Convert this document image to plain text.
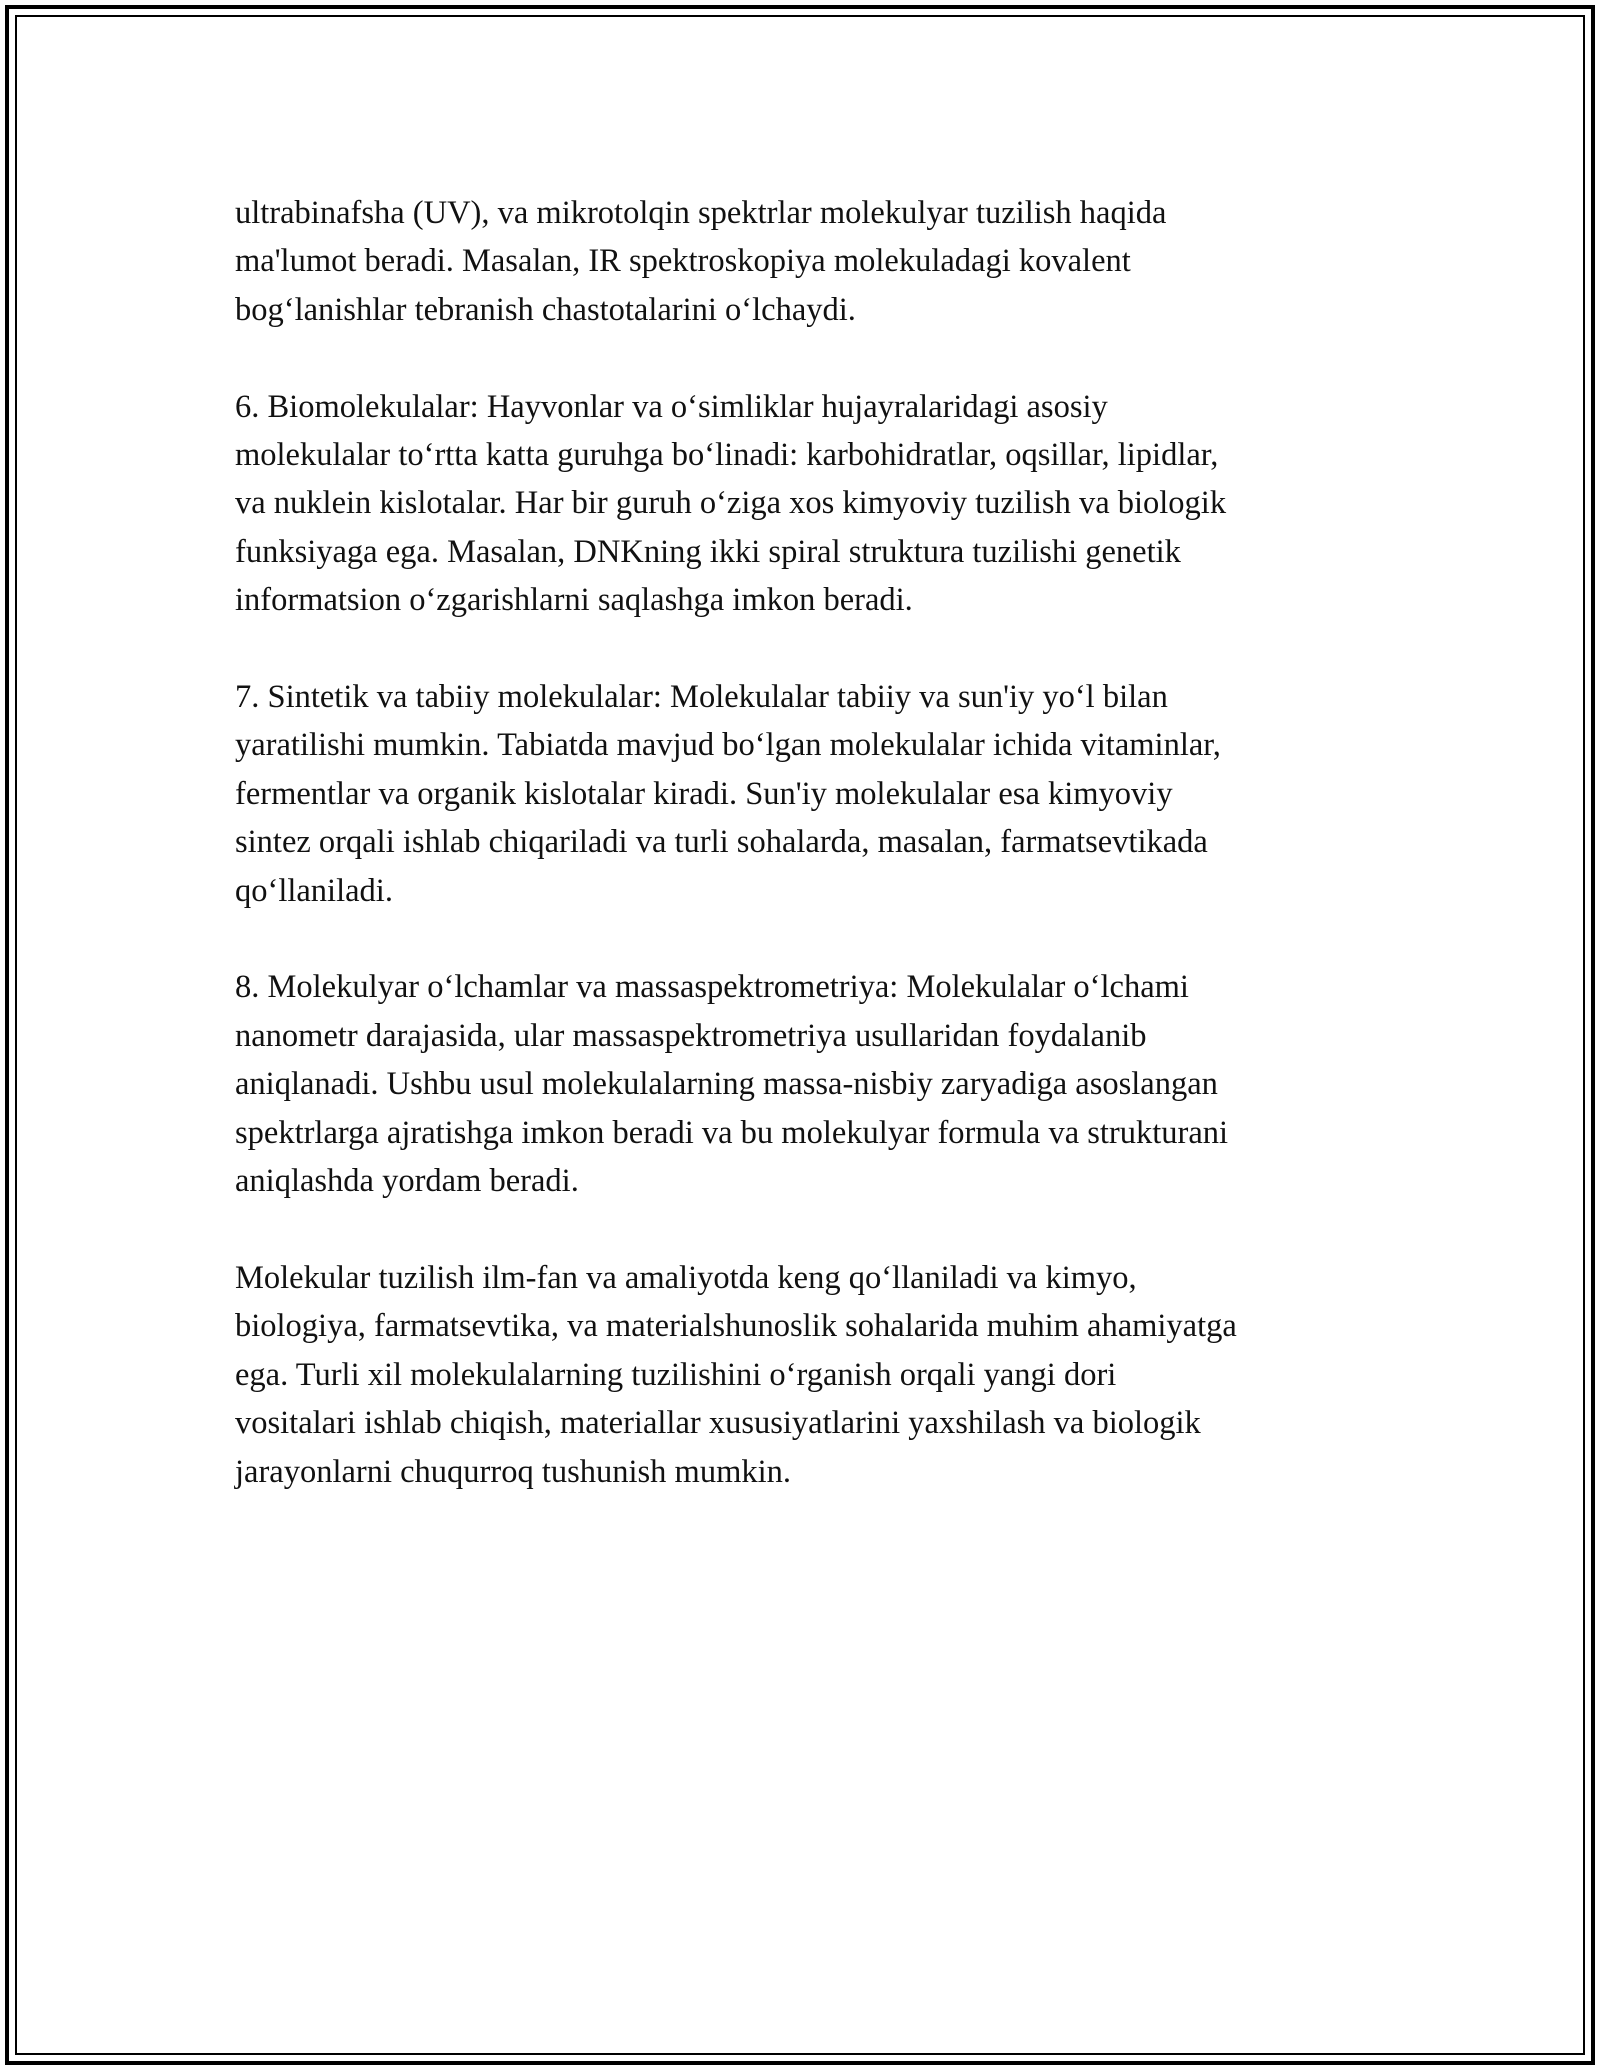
ultrabinafsha (UV), va mikrotolqin spektrlar molekulyar tuzilish haqida
ma'lumot beradi. Masalan, IR spektroskopiya molekuladagi kovalent
bog‘lanishlar tebranish chastotalarini o‘lchaydi.

6. Biomolekulalar: Hayvonlar va o‘simliklar hujayralaridagi asosiy
molekulalar to‘rtta katta guruhga bo‘linadi: karbohidratlar, oqsillar, lipidlar,
va nuklein kislotalar. Har bir guruh o‘ziga xos kimyoviy tuzilish va biologik
funksiyaga ega. Masalan, DNKning ikki spiral struktura tuzilishi genetik
informatsion o‘zgarishlarni saqlashga imkon beradi.

7. Sintetik va tabiiy molekulalar: Molekulalar tabiiy va sun'iy yo‘l bilan
yaratilishi mumkin. Tabiatda mavjud bo‘lgan molekulalar ichida vitaminlar,
fermentlar va organik kislotalar kiradi. Sun'iy molekulalar esa kimyoviy
sintez orqali ishlab chiqariladi va turli sohalarda, masalan, farmatsevtikada
qo‘llaniladi.

8. Molekulyar o‘lchamlar va massaspektrometriya: Molekulalar o‘lchami
nanometr darajasida, ular massaspektrometriya usullaridan foydalanib
aniqlanadi. Ushbu usul molekulalarning massa-nisbiy zaryadiga asoslangan
spektrlarga ajratishga imkon beradi va bu molekulyar formula va strukturani
aniqlashda yordam beradi.

Molekular tuzilish ilm-fan va amaliyotda keng qo‘llaniladi va kimyo,
biologiya, farmatsevtika, va materialshunoslik sohalarida muhim ahamiyatga
ega. Turli xil molekulalarning tuzilishini o‘rganish orqali yangi dori
vositalari ishlab chiqish, materiallar xususiyatlarini yaxshilash va biologik
jarayonlarni chuqurroq tushunish mumkin.
